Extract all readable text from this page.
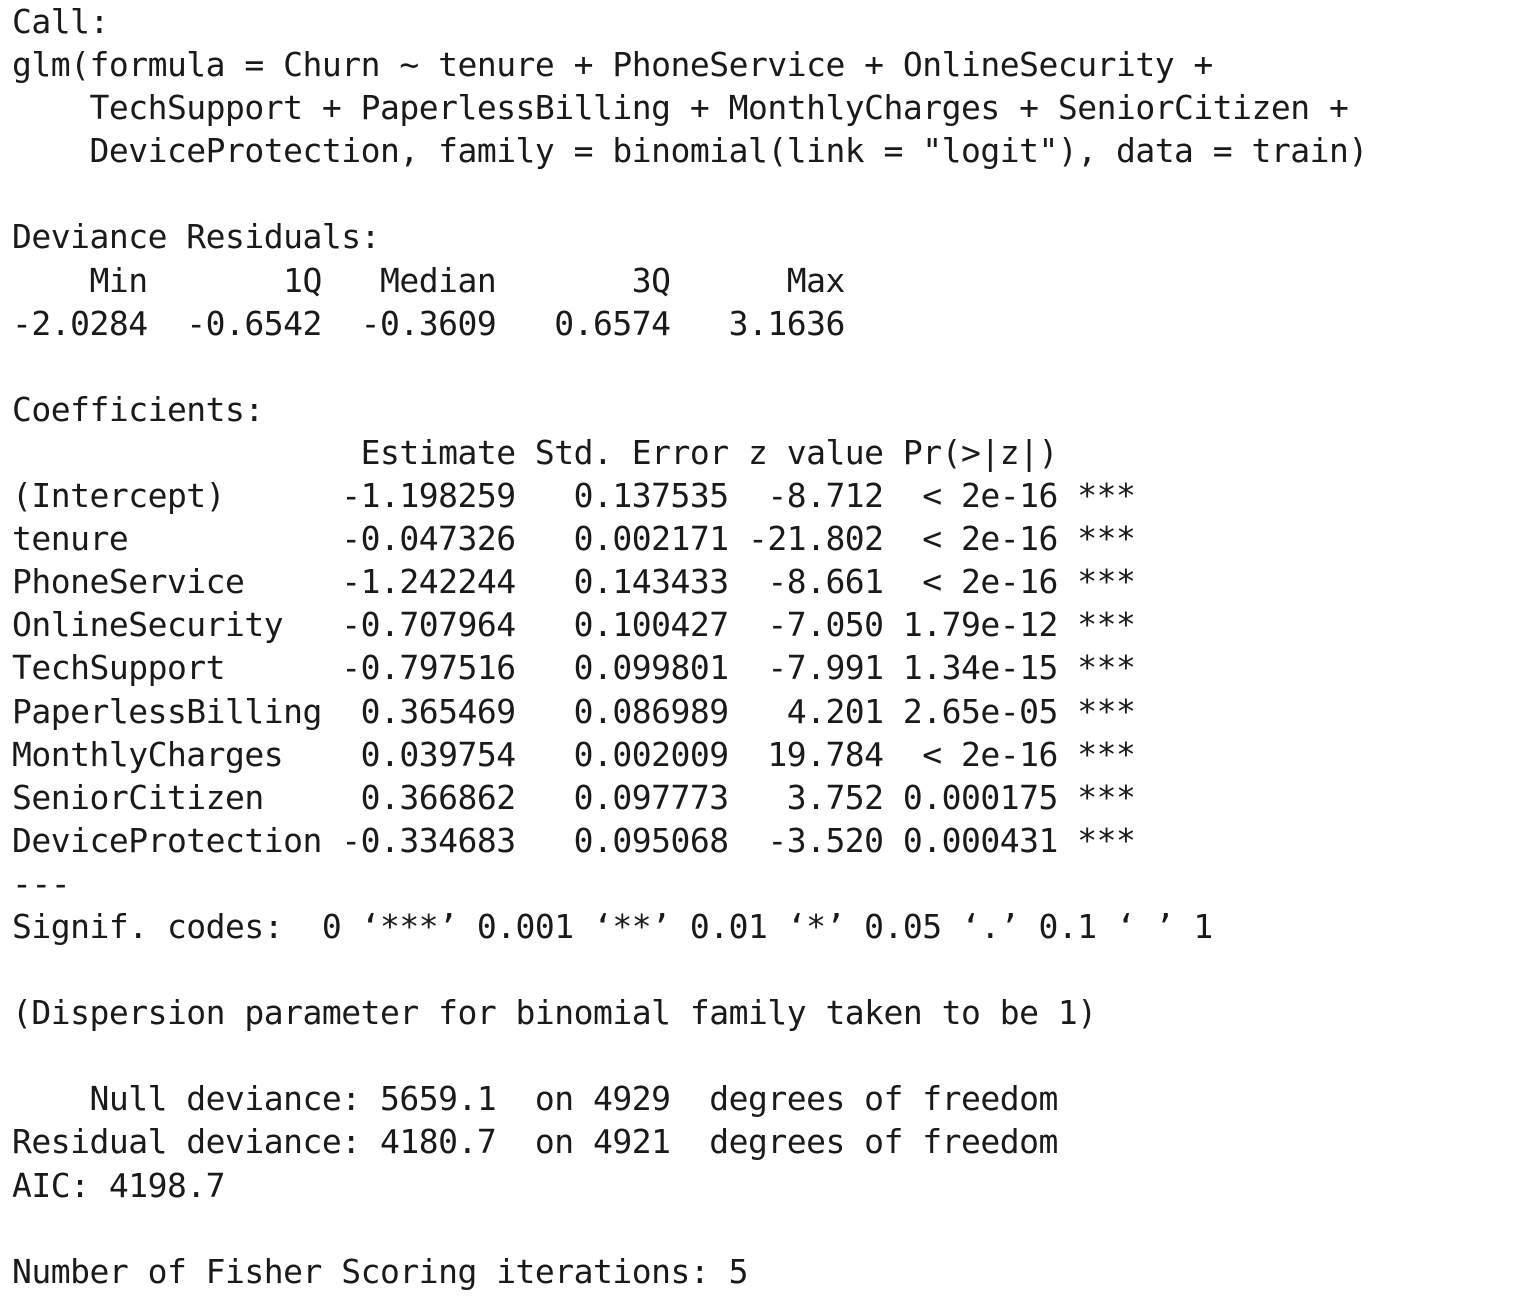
Call:
glm(formula = Churn ~ tenure + PhoneService + OnlineSecurity +
TechSupport + PaperlessBilling + MonthlyCharges + SeniorCitizen +
DeviceProtection, family = binomial(link = "logit"), data = train)

Deviance Residuals:
Min       1Q   Median       3Q      Max
-2.0284  -0.6542  -0.3609   0.6574   3.1636

Coefficients:
Estimate Std. Error z value Pr(>|z|)
(Intercept)      -1.198259   0.137535  -8.712  < 2e-16 ***
tenure           -0.047326   0.002171 -21.802  < 2e-16 ***
PhoneService     -1.242244   0.143433  -8.661  < 2e-16 ***
OnlineSecurity   -0.707964   0.100427  -7.050 1.79e-12 ***
TechSupport      -0.797516   0.099801  -7.991 1.34e-15 ***
PaperlessBilling  0.365469   0.086989   4.201 2.65e-05 ***
MonthlyCharges    0.039754   0.002009  19.784  < 2e-16 ***
SeniorCitizen     0.366862   0.097773   3.752 0.000175 ***
DeviceProtection -0.334683   0.095068  -3.520 0.000431 ***
---
Signif. codes:  0 ‘***’ 0.001 ‘**’ 0.01 ‘*’ 0.05 ‘.’ 0.1 ‘ ’ 1

(Dispersion parameter for binomial family taken to be 1)

Null deviance: 5659.1  on 4929  degrees of freedom
Residual deviance: 4180.7  on 4921  degrees of freedom
AIC: 4198.7

Number of Fisher Scoring iterations: 5
